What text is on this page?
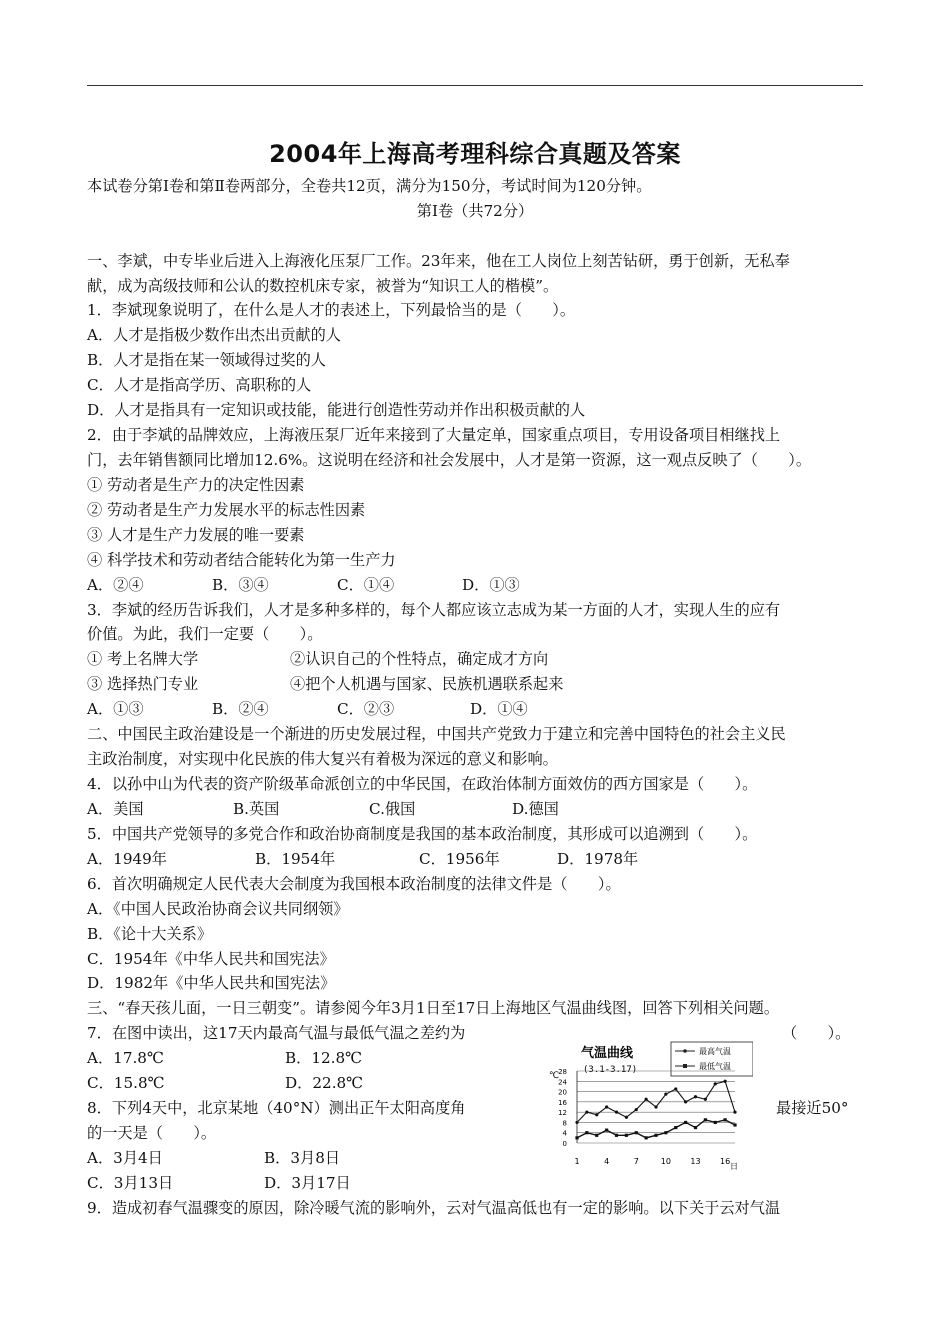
2004年上海高考理科综合真题及答案
本试卷分第Ⅰ卷和第Ⅱ卷两部分，全卷共12页，满分为150分，考试时间为120分钟。
第Ⅰ卷（共72分）
一、李斌，中专毕业后进入上海液化压泵厂工作。23年来，他在工人岗位上刻苦钻研，勇于创新，无私奉
献，成为高级技师和公认的数控机床专家，被誉为“知识工人的楷模”。
1．李斌现象说明了，在什么是人才的表述上，下列最恰当的是（　　）。
A．人才是指极少数作出杰出贡献的人
B．人才是指在某一领域得过奖的人
C．人才是指高学历、高职称的人
D．人才是指具有一定知识或技能，能进行创造性劳动并作出积极贡献的人
2．由于李斌的品牌效应，上海液压泵厂近年来接到了大量定单，国家重点项目，专用设备项目相继找上
门，去年销售额同比增加12.6%。这说明在经济和社会发展中，人才是第一资源，这一观点反映了（　　）。
① 劳动者是生产力的决定性因素
② 劳动者是生产力发展水平的标志性因素
③ 人才是生产力发展的唯一要素
④ 科学技术和劳动者结合能转化为第一生产力
A．②④	B．③④	C．①④	D．①③
3．李斌的经历告诉我们，人才是多种多样的，每个人都应该立志成为某一方面的人才，实现人生的应有
价值。为此，我们一定要（　　）。
① 考上名牌大学	②认识自己的个性特点，确定成才方向
③ 选择热门专业	④把个人机遇与国家、民族机遇联系起来
A．①③	B．②④	C．②③	D．①④
二、中国民主政治建设是一个渐进的历史发展过程，中国共产党致力于建立和完善中国特色的社会主义民
主政治制度，对实现中化民族的伟大复兴有着极为深远的意义和影响。
4．以孙中山为代表的资产阶级革命派创立的中华民国，在政治体制方面效仿的西方国家是（　　）。
A．美国	B.英国	C.俄国	D.德国
5．中国共产党领导的多党合作和政治协商制度是我国的基本政治制度，其形成可以追溯到（　　）。
A．1949年	B．1954年	C．1956年	D．1978年
6．首次明确规定人民代表大会制度为我国根本政治制度的法律文件是（　　）。
A．《中国人民政治协商会议共同纲领》
B．《论十大关系》
C．1954年《中华人民共和国宪法》
D．1982年《中华人民共和国宪法》
三、“春天孩儿面，一日三朝变”。请参阅今年3月1日至17日上海地区气温曲线图，回答下列相关问题。
7．在图中读出，这17天内最高气温与最低气温之差约为	（　　）。
A．17.8℃	B．12.8℃
C．15.8℃	D．22.8℃
8．下列4天中，北京某地（40°N）测出正午太阳高度角	最接近50°
的一天是（　　）。
A．3月4日	B．3月8日
C．3月13日	D．3月17日
9．造成初春气温骤变的原因，除冷暖气流的影响外，云对气温高低也有一定的影响。以下关于云对气温
气温曲线
(3.1-3.17)
℃
最高气温
最低气温
28
24
20
16
12
8
4
0
1	4	7	10 13 16
日
